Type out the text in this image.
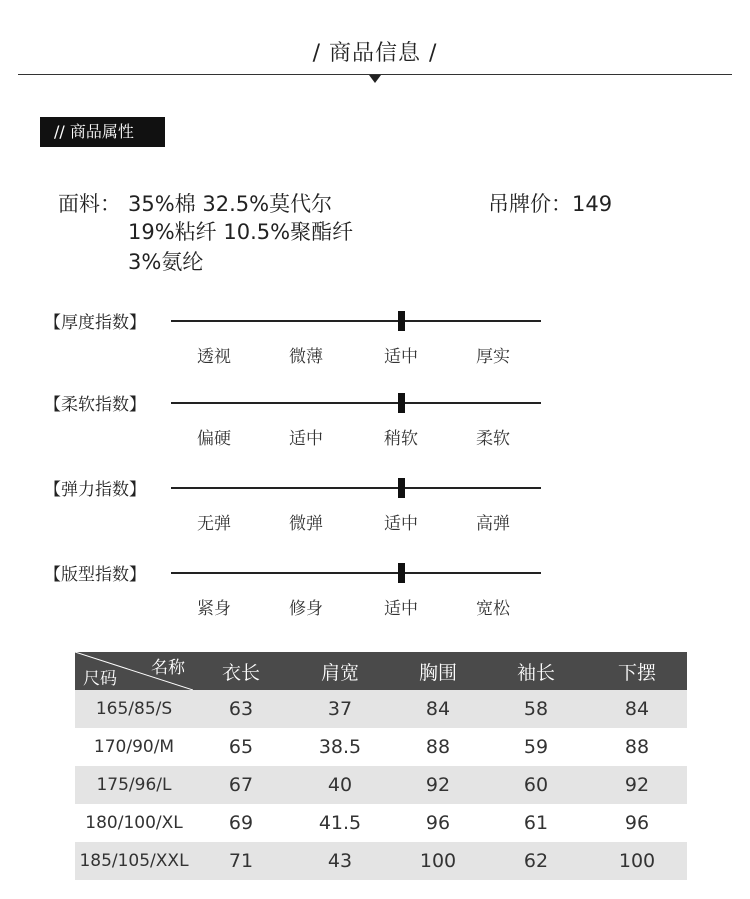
/ 商品信息 /
// 商品属性
面料： 35%棉 32.5%莫代尔
19%粘纤 10.5%聚酯纤
3%氨纶
吊牌价：149
【厚度指数】
透视	微薄	适中	厚实
【柔软指数】
偏硬	适中	稍软	柔软
【弹力指数】
无弹	微弹	适中	高弹
【版型指数】
紧身	修身	适中	宽松
名称
尺码	衣长	肩宽	胸围	袖长	下摆
165/85/S	63	37	84	58	84
170/90/M	65	38.5	88	59	88
175/96/L	67	40	92	60	92
180/100/XL	69	41.5	96	61	96
185/105/XXL	71	43	100	62	100
